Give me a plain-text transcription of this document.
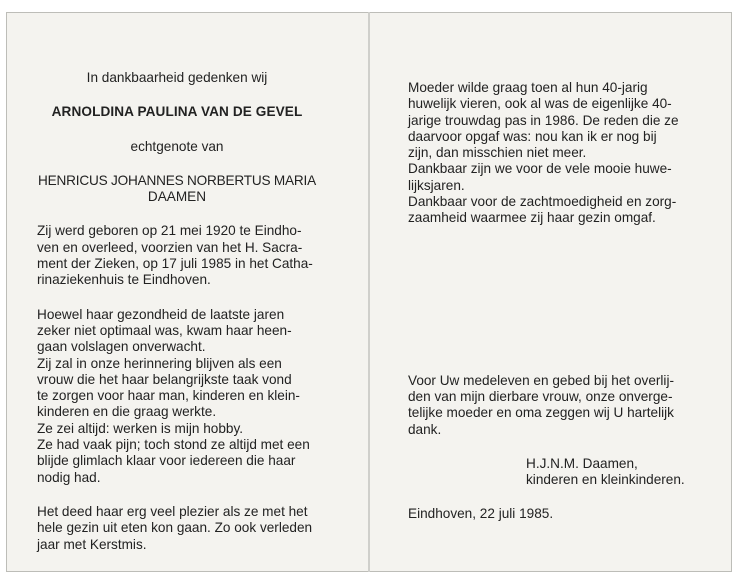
In dankbaarheid gedenken wij
ARNOLDINA PAULINA VAN DE GEVEL
echtgenote van
HENRICUS JOHANNES NORBERTUS MARIA
DAAMEN
Zij werd geboren op 21 mei 1920 te Eindho-
ven en overleed, voorzien van het H. Sacra-
ment der Zieken, op 17 juli 1985 in het Catha-
rinaziekenhuis te Eindhoven.
Hoewel haar gezondheid de laatste jaren
zeker niet optimaal was, kwam haar heen-
gaan volslagen onverwacht.
Zij zal in onze herinnering blijven als een
vrouw die het haar belangrijkste taak vond
te zorgen voor haar man, kinderen en klein-
kinderen en die graag werkte.
Ze zei altijd: werken is mijn hobby.
Ze had vaak pijn; toch stond ze altijd met een
blijde glimlach klaar voor iedereen die haar
nodig had.
Het deed haar erg veel plezier als ze met het
hele gezin uit eten kon gaan. Zo ook verleden
jaar met Kerstmis.
Moeder wilde graag toen al hun 40-jarig
huwelijk vieren, ook al was de eigenlijke 40-
jarige trouwdag pas in 1986. De reden die ze
daarvoor opgaf was: nou kan ik er nog bij
zijn, dan misschien niet meer.
Dankbaar zijn we voor de vele mooie huwe-
lijksjaren.
Dankbaar voor de zachtmoedigheid en zorg-
zaamheid waarmee zij haar gezin omgaf.
Voor Uw medeleven en gebed bij het overlij-
den van mijn dierbare vrouw, onze onverge-
telijke moeder en oma zeggen wij U hartelijk
dank.
H.J.N.M. Daamen,
kinderen en kleinkinderen.
Eindhoven, 22 juli 1985.
